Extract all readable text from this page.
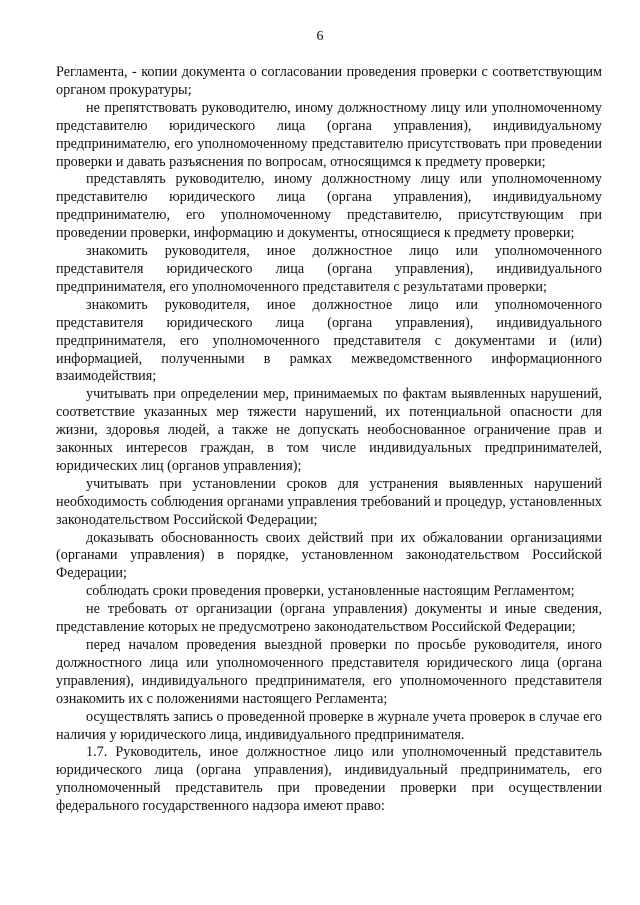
6

Регламента, - копии документа о согласовании проведения проверки с соответствующим органом прокуратуры;

не препятствовать руководителю, иному должностному лицу или уполномоченному представителю юридического лица (органа управления), индивидуальному предпринимателю, его уполномоченному представителю присутствовать при проведении проверки и давать разъяснения по вопросам, относящимся к предмету проверки;

представлять руководителю, иному должностному лицу или уполномоченному представителю юридического лица (органа управления), индивидуальному предпринимателю, его уполномоченному представителю, присутствующим при проведении проверки, информацию и документы, относящиеся к предмету проверки;

знакомить руководителя, иное должностное лицо или уполномоченного представителя юридического лица (органа управления), индивидуального предпринимателя, его уполномоченного представителя с результатами проверки;

знакомить руководителя, иное должностное лицо или уполномоченного представителя юридического лица (органа управления), индивидуального предпринимателя, его уполномоченного представителя с документами и (или) информацией, полученными в рамках межведомственного информационного взаимодействия;

учитывать при определении мер, принимаемых по фактам выявленных нарушений, соответствие указанных мер тяжести нарушений, их потенциальной опасности для жизни, здоровья людей, а также не допускать необоснованное ограничение прав и законных интересов граждан, в том числе индивидуальных предпринимателей, юридических лиц (органов управления);

учитывать при установлении сроков для устранения выявленных нарушений необходимость соблюдения органами управления требований и процедур, установленных законодательством Российской Федерации;

доказывать обоснованность своих действий при их обжаловании организациями (органами управления) в порядке, установленном законодательством Российской Федерации;

соблюдать сроки проведения проверки, установленные настоящим Регламентом;

не требовать от организации (органа управления) документы и иные сведения, представление которых не предусмотрено законодательством Российской Федерации;

перед началом проведения выездной проверки по просьбе руководителя, иного должностного лица или уполномоченного представителя юридического лица (органа управления), индивидуального предпринимателя, его уполномоченного представителя ознакомить их с положениями настоящего Регламента;

осуществлять запись о проведенной проверке в журнале учета проверок в случае его наличия у юридического лица, индивидуального предпринимателя.

1.7. Руководитель, иное должностное лицо или уполномоченный представитель юридического лица (органа управления), индивидуальный предприниматель, его уполномоченный представитель при проведении проверки при осуществлении федерального государственного надзора имеют право:
